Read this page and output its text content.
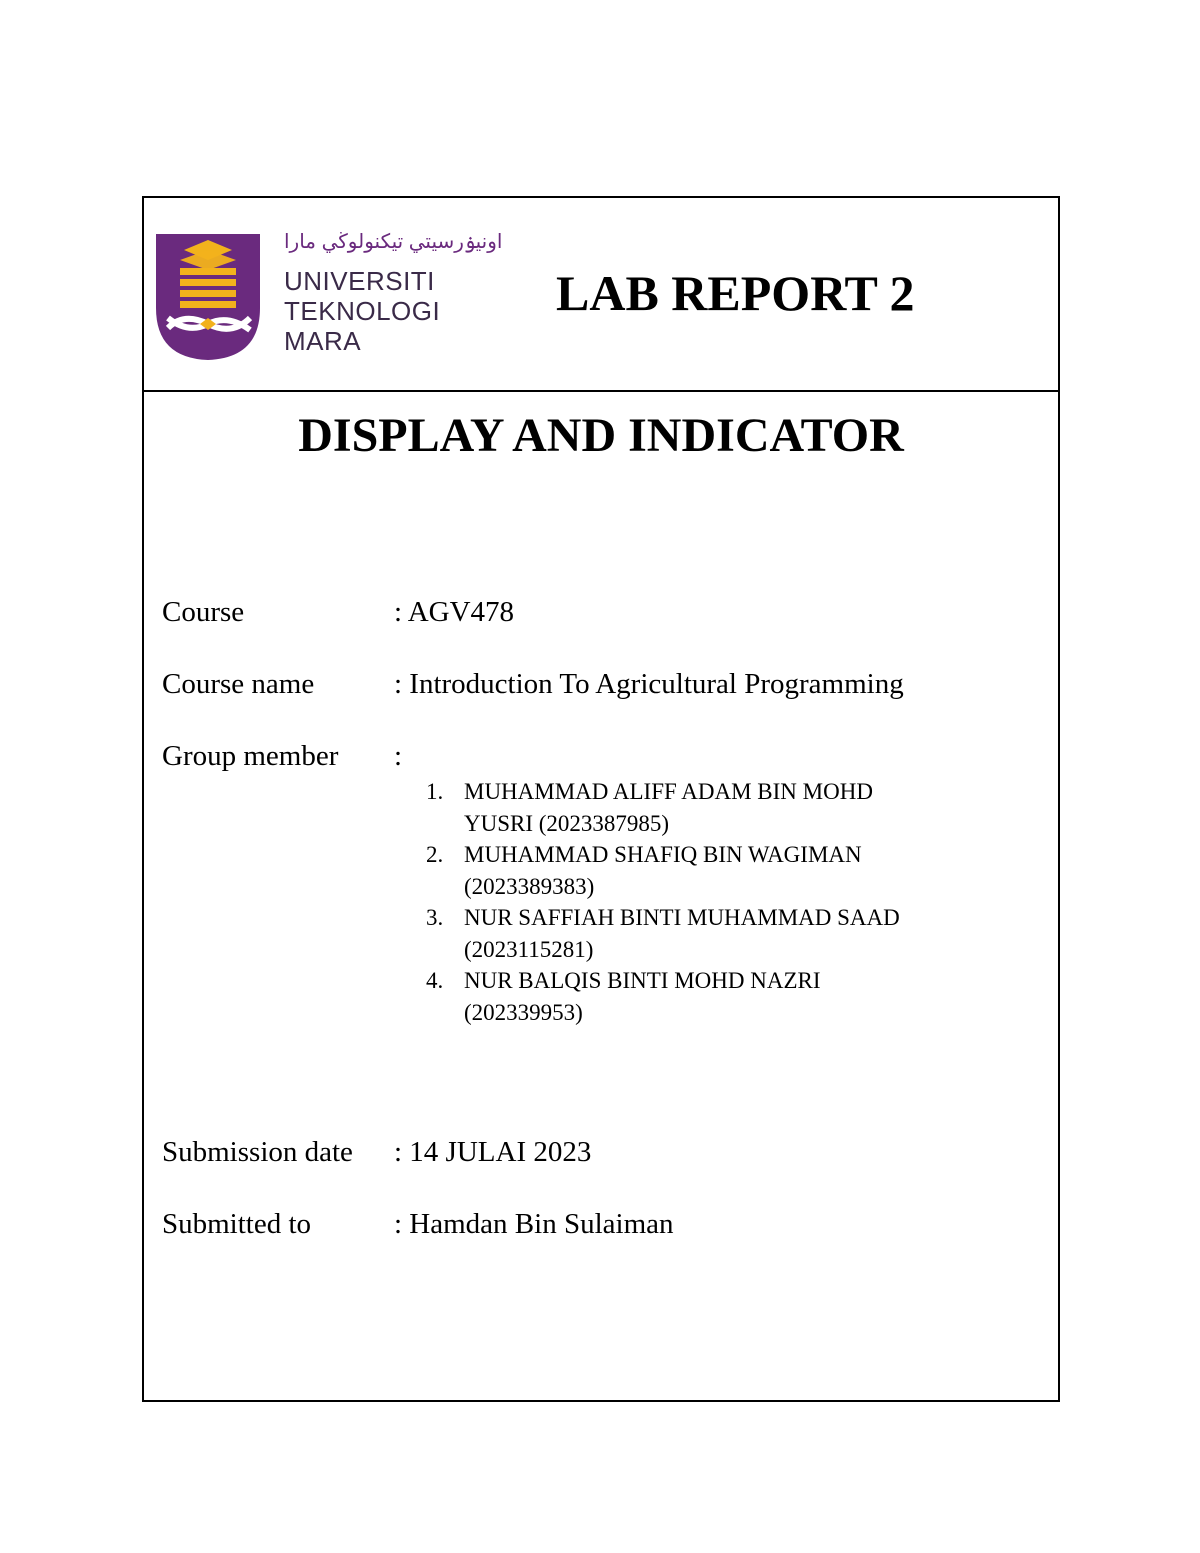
اونيۏرسيتي تيكنولوڬي مارا
UNIVERSITI
TEKNOLOGI
MARA
LAB REPORT 2
DISPLAY AND INDICATOR
Course	: AGV478
Course name	: Introduction To Agricultural Programming
Group member :
1. MUHAMMAD ALIFF ADAM BIN MOHD
YUSRI (2023387985)
2. MUHAMMAD SHAFIQ BIN WAGIMAN
(2023389383)
3. NUR SAFFIAH BINTI MUHAMMAD SAAD
(2023115281)
4. NUR BALQIS BINTI MOHD NAZRI
(202339953)
Submission date : 14 JULAI 2023
Submitted to	: Hamdan Bin Sulaiman
